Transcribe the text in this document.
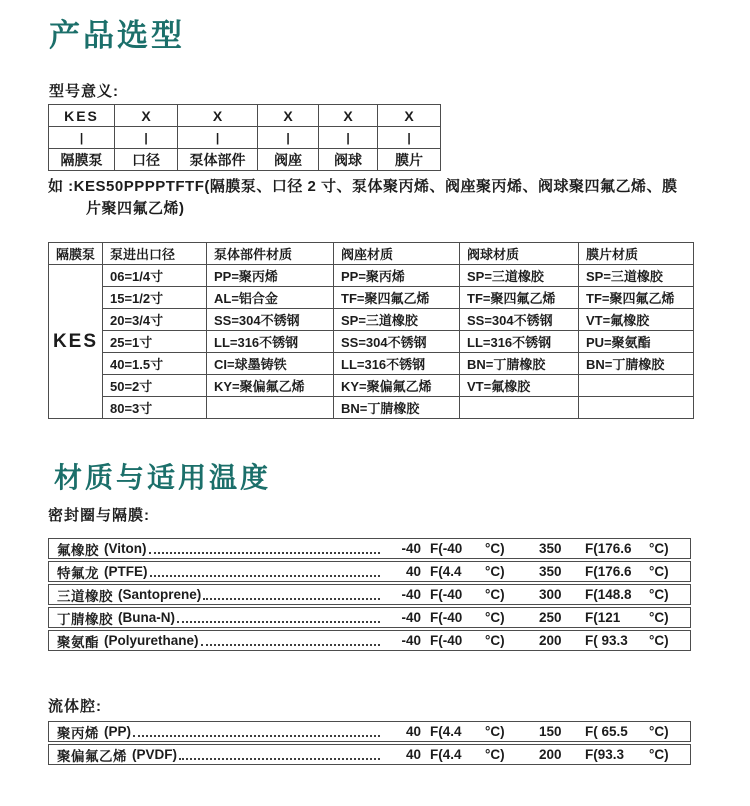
产品选型
型号意义:
KES	X	X	X	X	X
|	|	|	|	|	|
隔膜泵	口径	泵体部件	阀座	阀球	膜片
如 :KES50PPPPTFTF(隔膜泵、口径 2 寸、泵体聚丙烯、阀座聚丙烯、阀球聚四氟乙烯、膜
片聚四氟乙烯)
隔膜泵	泵进出口径	泵体部件材质	阀座材质	阀球材质	膜片材质
KES	06=1/4寸	PP=聚丙烯	PP=聚丙烯	SP=三道橡胶	SP=三道橡胶
	15=1/2寸	AL=铝合金	TF=聚四氟乙烯	TF=聚四氟乙烯	TF=聚四氟乙烯
	20=3/4寸	SS=304不锈钢	SP=三道橡胶	SS=304不锈钢	VT=氟橡胶
	25=1寸	LL=316不锈钢	SS=304不锈钢	LL=316不锈钢	PU=聚氨酯
	40=1.5寸	CI=球墨铸铁	LL=316不锈钢	BN=丁腈橡胶	BN=丁腈橡胶
	50=2寸	KY=聚偏氟乙烯	KY=聚偏氟乙烯	VT=氟橡胶	
	80=3寸		BN=丁腈橡胶		
材质与适用温度
密封圈与隔膜:
氟橡胶 (Viton)	-40 F(-40	°C)	350	F(176.6	°C)
特氟龙 (PTFE)	40 F(4.4	°C)	350	F(176.6	°C)
三道橡胶 (Santoprene)	-40 F(-40	°C)	300	F(148.8	°C)
丁腈橡胶 (Buna-N)	-40 F(-40	°C)	250	F(121	°C)
聚氨酯 (Polyurethane)	-40 F(-40	°C)	200	F( 93.3	°C)
流体腔:
聚丙烯 (PP)	40 F(4.4	°C)	150	F( 65.5	°C)
聚偏氟乙烯 (PVDF)	40 F(4.4	°C)	200	F(93.3	°C)
